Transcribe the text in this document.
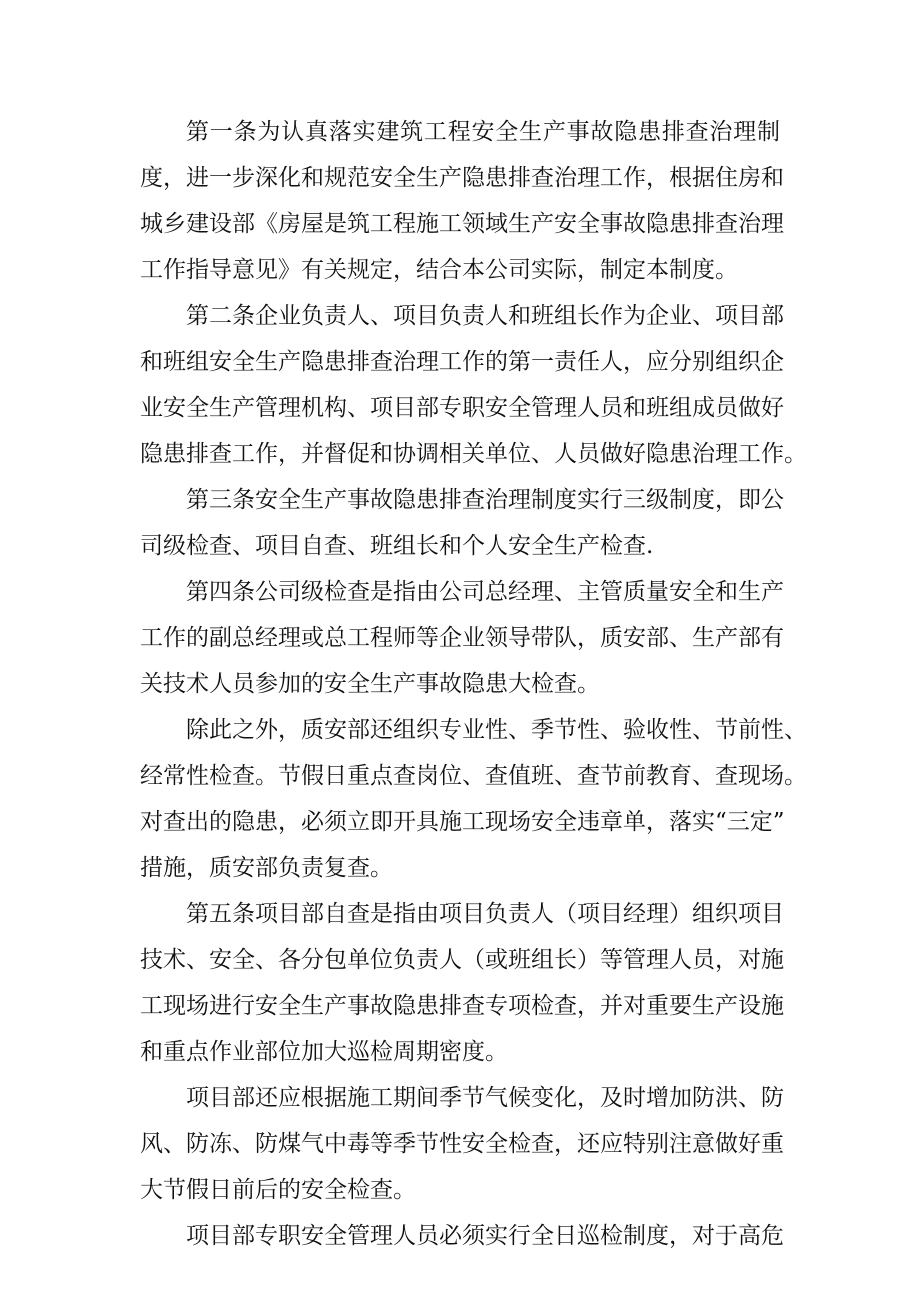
第一条为认真落实建筑工程安全生产事故隐患排查治理制

度，进一步深化和规范安全生产隐患排查治理工作，根据住房和

城乡建设部《房屋是筑工程施工领域生产安全事故隐患排查治理

工作指导意见》有关规定，结合本公司实际，制定本制度。

第二条企业负责人、项目负责人和班组长作为企业、项目部

和班组安全生产隐患排查治理工作的第一责任人，应分别组织企

业安全生产管理机构、项目部专职安全管理人员和班组成员做好

隐患排查工作，并督促和协调相关单位、人员做好隐患治理工作。

第三条安全生产事故隐患排查治理制度实行三级制度，即公

司级检查、项目自查、班组长和个人安全生产检查.

第四条公司级检查是指由公司总经理、主管质量安全和生产

工作的副总经理或总工程师等企业领导带队，质安部、生产部有

关技术人员参加的安全生产事故隐患大检查。

除此之外，质安部还组织专业性、季节性、验收性、节前性、

经常性检查。节假日重点查岗位、查值班、查节前教育、查现场。

对查出的隐患，必须立即开具施工现场安全违章单，落实“三定”

措施，质安部负责复查。

第五条项目部自查是指由项目负责人（项目经理）组织项目

技术、安全、各分包单位负责人（或班组长）等管理人员，对施

工现场进行安全生产事故隐患排查专项检查，并对重要生产设施

和重点作业部位加大巡检周期密度。

项目部还应根据施工期间季节气候变化，及时增加防洪、防

风、防冻、防煤气中毒等季节性安全检查，还应特别注意做好重

大节假日前后的安全检查。

项目部专职安全管理人员必须实行全日巡检制度，对于高危
